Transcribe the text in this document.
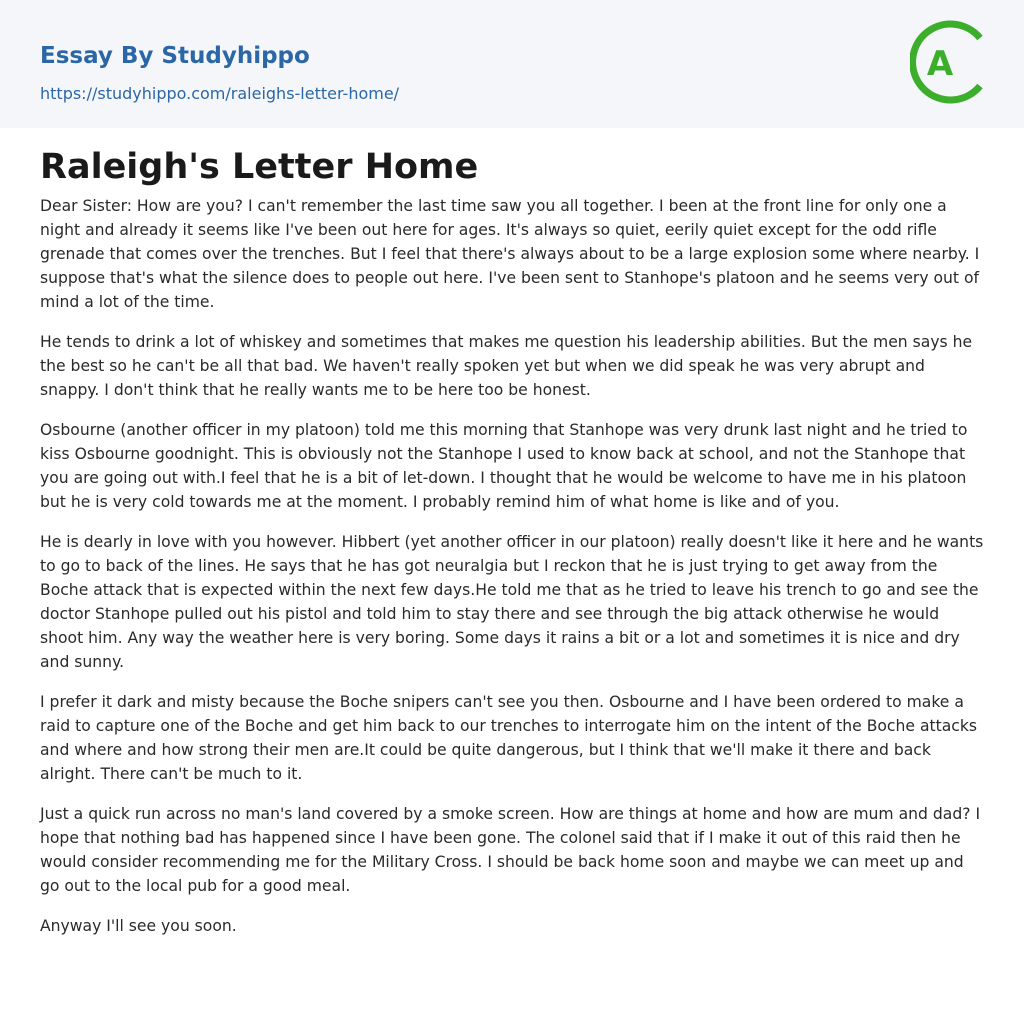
Essay By Studyhippo
https://studyhippo.com/raleighs-letter-home/
A
Raleigh's Letter Home

Dear Sister: How are you? I can't remember the last time saw you all together. I been at the front line for only one a night and already it seems like I've been out here for ages. It's always so quiet, eerily quiet except for the odd rifle grenade that comes over the trenches. But I feel that there's always about to be a large explosion some where nearby. I suppose that's what the silence does to people out here. I've been sent to Stanhope's platoon and he seems very out of mind a lot of the time.

He tends to drink a lot of whiskey and sometimes that makes me question his leadership abilities. But the men says he the best so he can't be all that bad. We haven't really spoken yet but when we did speak he was very abrupt and snappy. I don't think that he really wants me to be here too be honest.

Osbourne (another officer in my platoon) told me this morning that Stanhope was very drunk last night and he tried to kiss Osbourne goodnight. This is obviously not the Stanhope I used to know back at school, and not the Stanhope that you are going out with.I feel that he is a bit of let-down. I thought that he would be welcome to have me in his platoon but he is very cold towards me at the moment. I probably remind him of what home is like and of you.

He is dearly in love with you however. Hibbert (yet another officer in our platoon) really doesn't like it here and he wants to go to back of the lines. He says that he has got neuralgia but I reckon that he is just trying to get away from the Boche attack that is expected within the next few days.He told me that as he tried to leave his trench to go and see the doctor Stanhope pulled out his pistol and told him to stay there and see through the big attack otherwise he would shoot him. Any way the weather here is very boring. Some days it rains a bit or a lot and sometimes it is nice and dry and sunny.

I prefer it dark and misty because the Boche snipers can't see you then. Osbourne and I have been ordered to make a raid to capture one of the Boche and get him back to our trenches to interrogate him on the intent of the Boche attacks and where and how strong their men are.It could be quite dangerous, but I think that we'll make it there and back alright. There can't be much to it.

Just a quick run across no man's land covered by a smoke screen. How are things at home and how are mum and dad? I hope that nothing bad has happened since I have been gone. The colonel said that if I make it out of this raid then he would consider recommending me for the Military Cross. I should be back home soon and maybe we can meet up and go out to the local pub for a good meal.

Anyway I'll see you soon.
